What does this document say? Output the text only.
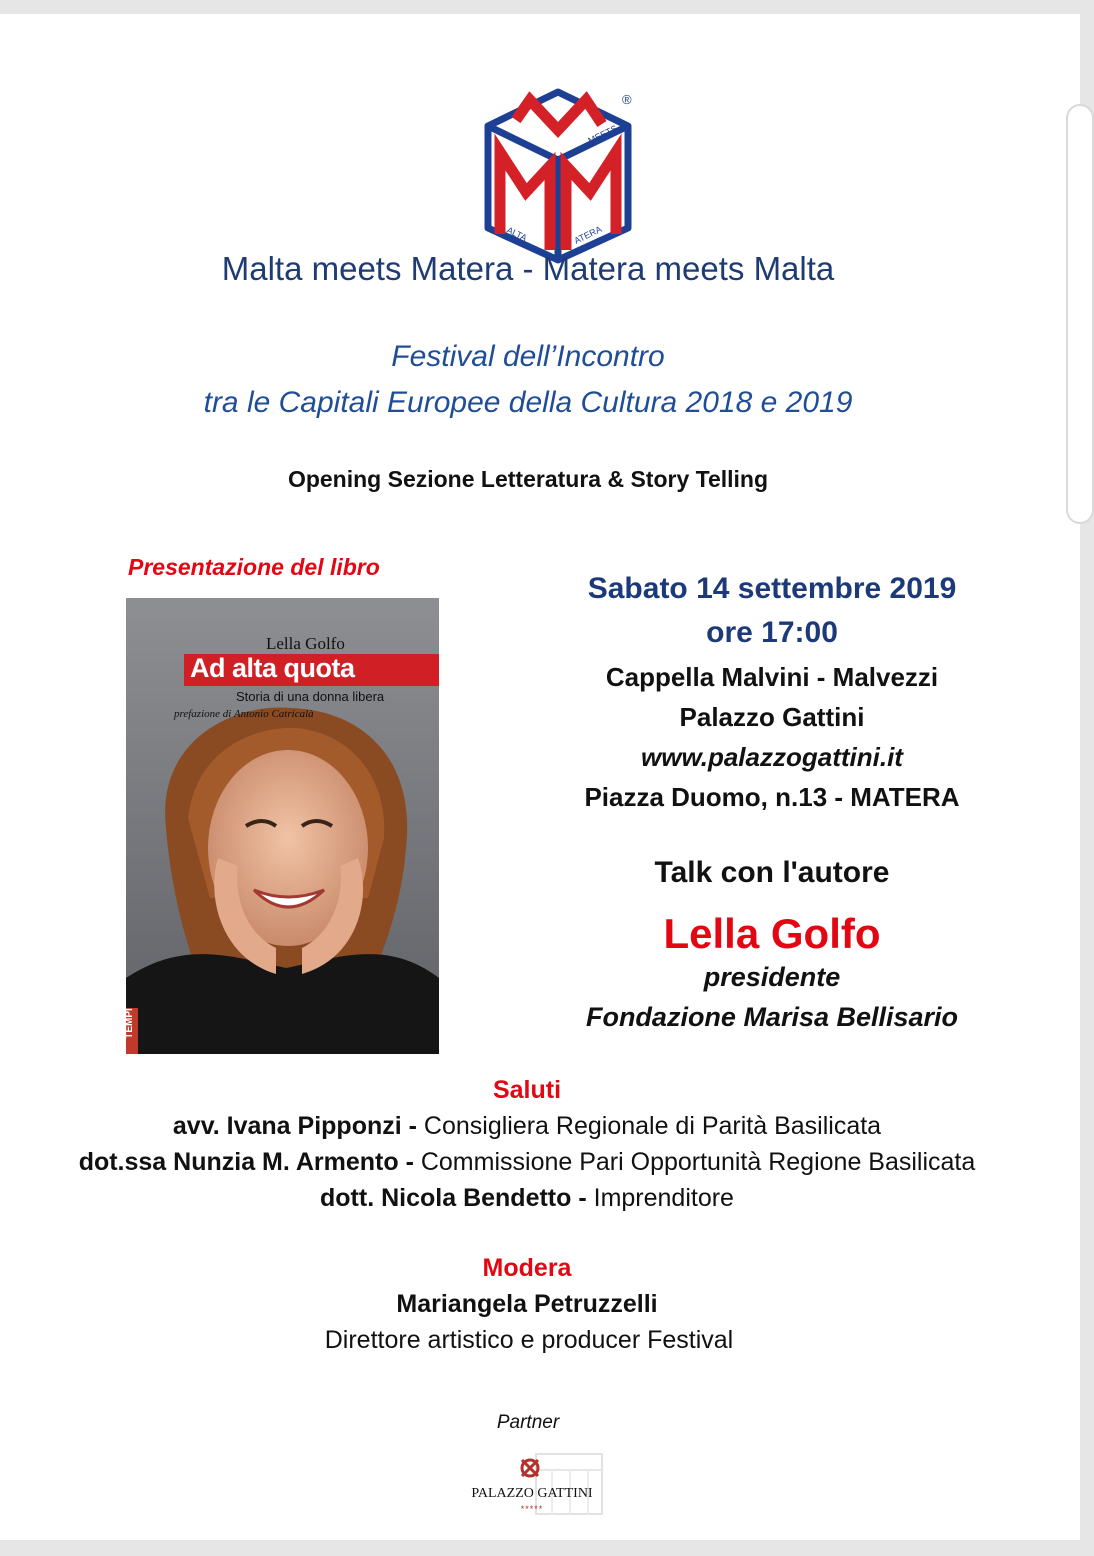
MEETS
ALTA	ATERA
®
Malta meets Matera - Matera meets Malta
Festival dell’Incontro
tra le Capitali Europee della Cultura 2018 e 2019
Opening Sezione Letteratura & Story Telling
Presentazione del libro
Lella Golfo
Ad alta quota
Storia di una donna libera
prefazione di Antonio Catricalà
TEMPI
Sabato 14 settembre 2019
ore 17:00
Cappella Malvini - Malvezzi
Palazzo Gattini
www.palazzogattini.it
Piazza Duomo, n.13 - MATERA
Talk con l'autore
Lella Golfo
presidente
Fondazione Marisa Bellisario
Saluti
avv. Ivana Pipponzi - Consigliera Regionale di Parità Basilicata
dot.ssa Nunzia M. Armento - Commissione Pari Opportunità Regione Basilicata
dott. Nicola Bendetto - Imprenditore
Modera
Mariangela Petruzzelli
Direttore artistico e producer Festival
Partner
PALAZZO GATTINI
*****
